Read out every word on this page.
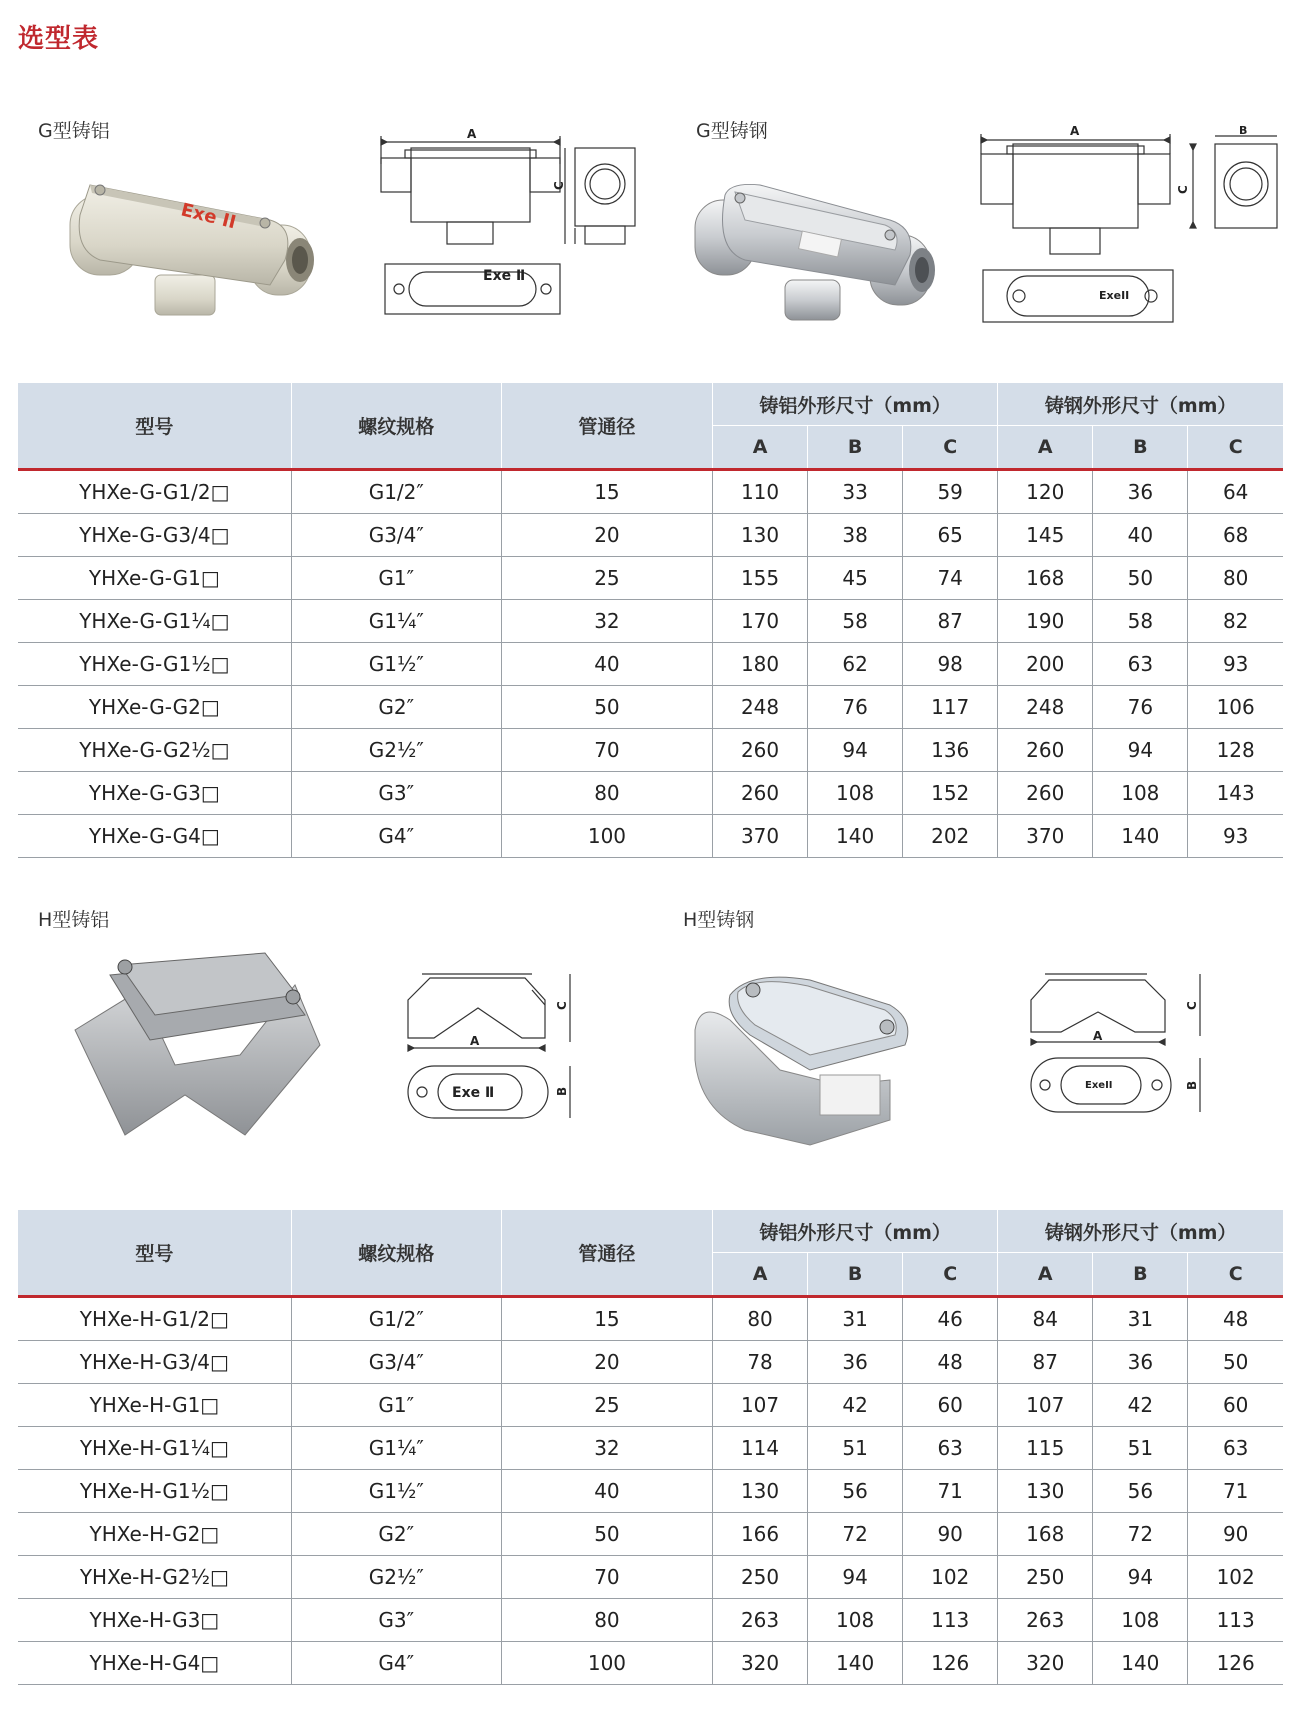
选型表
G型铸铝	G型铸钢
Exe II
A
C
Exe Ⅱ
A	B
C
ExeII
型号	螺纹规格	管通径	铸铝外形尺寸（mm）			铸钢外形尺寸（mm）		
			A	B	C	A	B	C
YHXe-G-G1/2□	G1/2″	15	110	33	59	120	36	64
YHXe-G-G3/4□	G3/4″	20	130	38	65	145	40	68
YHXe-G-G1□	G1″	25	155	45	74	168	50	80
YHXe-G-G1¼□	G1¼″	32	170	58	87	190	58	82
YHXe-G-G1½□	G1½″	40	180	62	98	200	63	93
YHXe-G-G2□	G2″	50	248	76	117	248	76	106
YHXe-G-G2½□	G2½″	70	260	94	136	260	94	128
YHXe-G-G3□	G3″	80	260	108	152	260	108	143
YHXe-G-G4□	G4″	100	370	140	202	370	140	93
H型铸铝	H型铸钢
A
C
B
Exe Ⅱ
A
C
B
ExeII
型号	螺纹规格	管通径	铸铝外形尺寸（mm）			铸钢外形尺寸（mm）		
			A	B	C	A	B	C
YHXe-H-G1/2□	G1/2″	15	80	31	46	84	31	48
YHXe-H-G3/4□	G3/4″	20	78	36	48	87	36	50
YHXe-H-G1□	G1″	25	107	42	60	107	42	60
YHXe-H-G1¼□	G1¼″	32	114	51	63	115	51	63
YHXe-H-G1½□	G1½″	40	130	56	71	130	56	71
YHXe-H-G2□	G2″	50	166	72	90	168	72	90
YHXe-H-G2½□	G2½″	70	250	94	102	250	94	102
YHXe-H-G3□	G3″	80	263	108	113	263	108	113
YHXe-H-G4□	G4″	100	320	140	126	320	140	126
